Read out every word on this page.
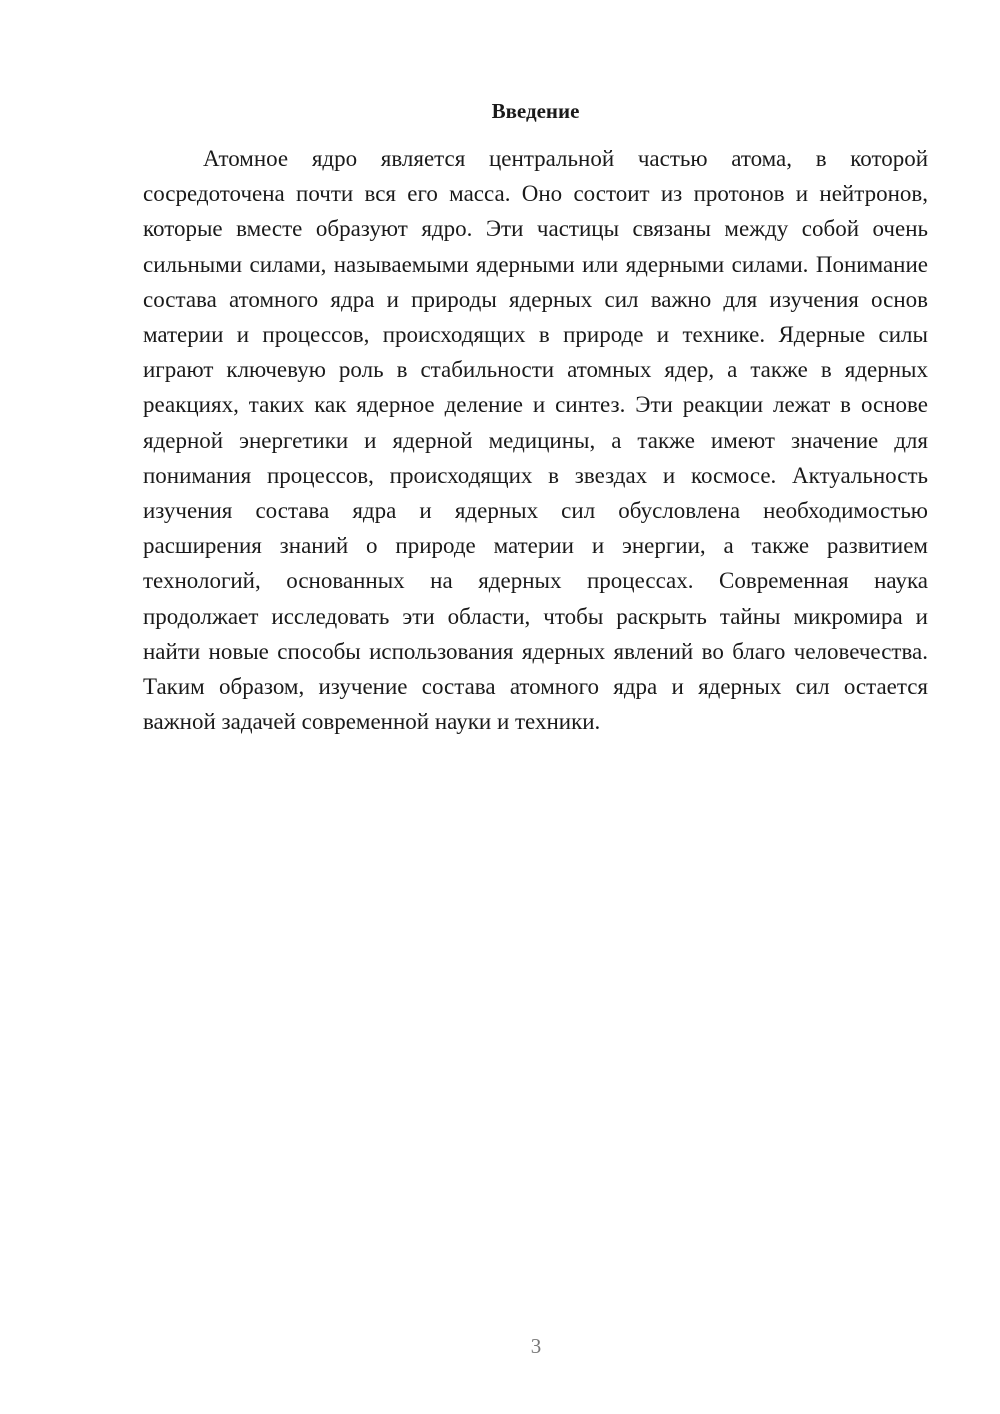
Введение

Атомное ядро является центральной частью атома, в которой сосредоточена почти вся его масса. Оно состоит из протонов и нейтронов, которые вместе образуют ядро. Эти частицы связаны между собой очень сильными силами, называемыми ядерными или ядерными силами. Понимание состава атомного ядра и природы ядерных сил важно для изучения основ материи и процессов, происходящих в природе и технике. Ядерные силы играют ключевую роль в стабильности атомных ядер, а также в ядерных реакциях, таких как ядерное деление и синтез. Эти реакции лежат в основе ядерной энергетики и ядерной медицины, а также имеют значение для понимания процессов, происходящих в звездах и космосе. Актуальность изучения состава ядра и ядерных сил обусловлена необходимостью расширения знаний о природе материи и энергии, а также развитием технологий, основанных на ядерных процессах. Современная наука продолжает исследовать эти области, чтобы раскрыть тайны микромира и найти новые способы использования ядерных явлений во благо человечества. Таким образом, изучение состава атомного ядра и ядерных сил остается важной задачей современной науки и техники.

3
